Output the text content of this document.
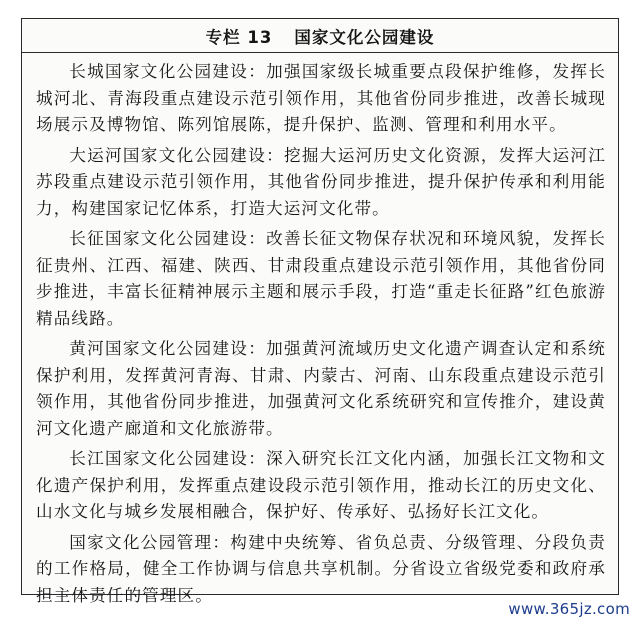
专栏 13 国家文化公园建设

长城国家文化公园建设：加强国家级长城重要点段保护维修，发挥长城河北、青海段重点建设示范引领作用，其他省份同步推进，改善长城现场展示及博物馆、陈列馆展陈，提升保护、监测、管理和利用水平。

大运河国家文化公园建设：挖掘大运河历史文化资源，发挥大运河江苏段重点建设示范引领作用，其他省份同步推进，提升保护传承和利用能力，构建国家记忆体系，打造大运河文化带。

长征国家文化公园建设：改善长征文物保存状况和环境风貌，发挥长征贵州、江西、福建、陕西、甘肃段重点建设示范引领作用，其他省份同步推进，丰富长征精神展示主题和展示手段，打造“重走长征路”红色旅游精品线路。

黄河国家文化公园建设：加强黄河流域历史文化遗产调查认定和系统保护利用，发挥黄河青海、甘肃、内蒙古、河南、山东段重点建设示范引领作用，其他省份同步推进，加强黄河文化系统研究和宣传推介，建设黄河文化遗产廊道和文化旅游带。

长江国家文化公园建设：深入研究长江文化内涵，加强长江文物和文化遗产保护利用，发挥重点建设段示范引领作用，推动长江的历史文化、山水文化与城乡发展相融合，保护好、传承好、弘扬好长江文化。

国家文化公园管理：构建中央统筹、省负总责、分级管理、分段负责的工作格局，健全工作协调与信息共享机制。分省设立省级党委和政府承担主体责任的管理区。

www.365jz.com
